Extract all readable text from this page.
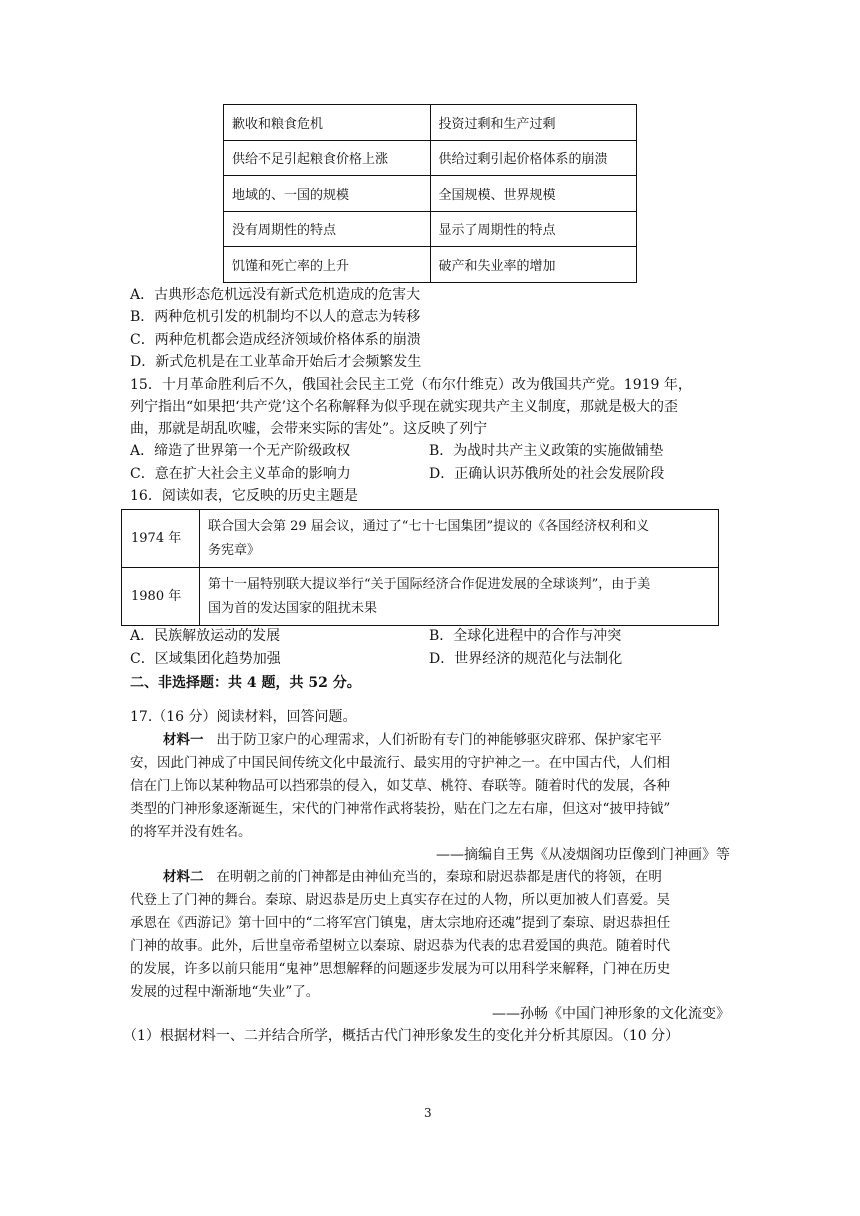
歉收和粮食危机	投资过剩和生产过剩
供给不足引起粮食价格上涨	供给过剩引起价格体系的崩溃
地域的、一国的规模	全国规模、世界规模
没有周期性的特点	显示了周期性的特点
饥馑和死亡率的上升	破产和失业率的增加
A．古典形态危机远没有新式危机造成的危害大
B．两种危机引发的机制均不以人的意志为转移
C．两种危机都会造成经济领域价格体系的崩溃
D．新式危机是在工业革命开始后才会频繁发生
15．十月革命胜利后不久，俄国社会民主工党（布尔什维克）改为俄国共产党。1919 年，
列宁指出“如果把‘共产党’这个名称解释为似乎现在就实现共产主义制度，那就是极大的歪
曲，那就是胡乱吹嘘，会带来实际的害处”。这反映了列宁
A．缔造了世界第一个无产阶级政权	B．为战时共产主义政策的实施做铺垫
C．意在扩大社会主义革命的影响力	D．正确认识苏俄所处的社会发展阶段
16．阅读如表，它反映的历史主题是
1974 年	联合国大会第 29 届会议，通过了“七十七国集团”提议的《各国经济权利和义
务宪章》

1980 年	第十一届特别联大提议举行“关于国际经济合作促进发展的全球谈判”，由于美
国为首的发达国家的阻扰未果
A．民族解放运动的发展	B．全球化进程中的合作与冲突
C．区域集团化趋势加强	D．世界经济的规范化与法制化
二、非选择题：共 4 题，共 52 分。
17.（16 分）阅读材料，回答问题。
材料一 出于防卫家户的心理需求，人们祈盼有专门的神能够驱灾辟邪、保护家宅平
安，因此门神成了中国民间传统文化中最流行、最实用的守护神之一。在中国古代，人们相
信在门上饰以某种物品可以挡邪祟的侵入，如艾草、桃符、春联等。随着时代的发展，各种
类型的门神形象逐渐诞生，宋代的门神常作武将装扮，贴在门之左右扉，但这对“披甲持钺”
的将军并没有姓名。
——摘编自王隽《从凌烟阁功臣像到门神画》等
材料二 在明朝之前的门神都是由神仙充当的，秦琼和尉迟恭都是唐代的将领，在明
代登上了门神的舞台。秦琼、尉迟恭是历史上真实存在过的人物，所以更加被人们喜爱。吴
承恩在《西游记》第十回中的“二将军宫门镇鬼，唐太宗地府还魂”提到了秦琼、尉迟恭担任
门神的故事。此外，后世皇帝希望树立以秦琼、尉迟恭为代表的忠君爱国的典范。随着时代
的发展，许多以前只能用“鬼神”思想解释的问题逐步发展为可以用科学来解释，门神在历史
发展的过程中渐渐地“失业”了。
——孙畅《中国门神形象的文化流变》
（1）根据材料一、二并结合所学，概括古代门神形象发生的变化并分析其原因。（10 分）
3
